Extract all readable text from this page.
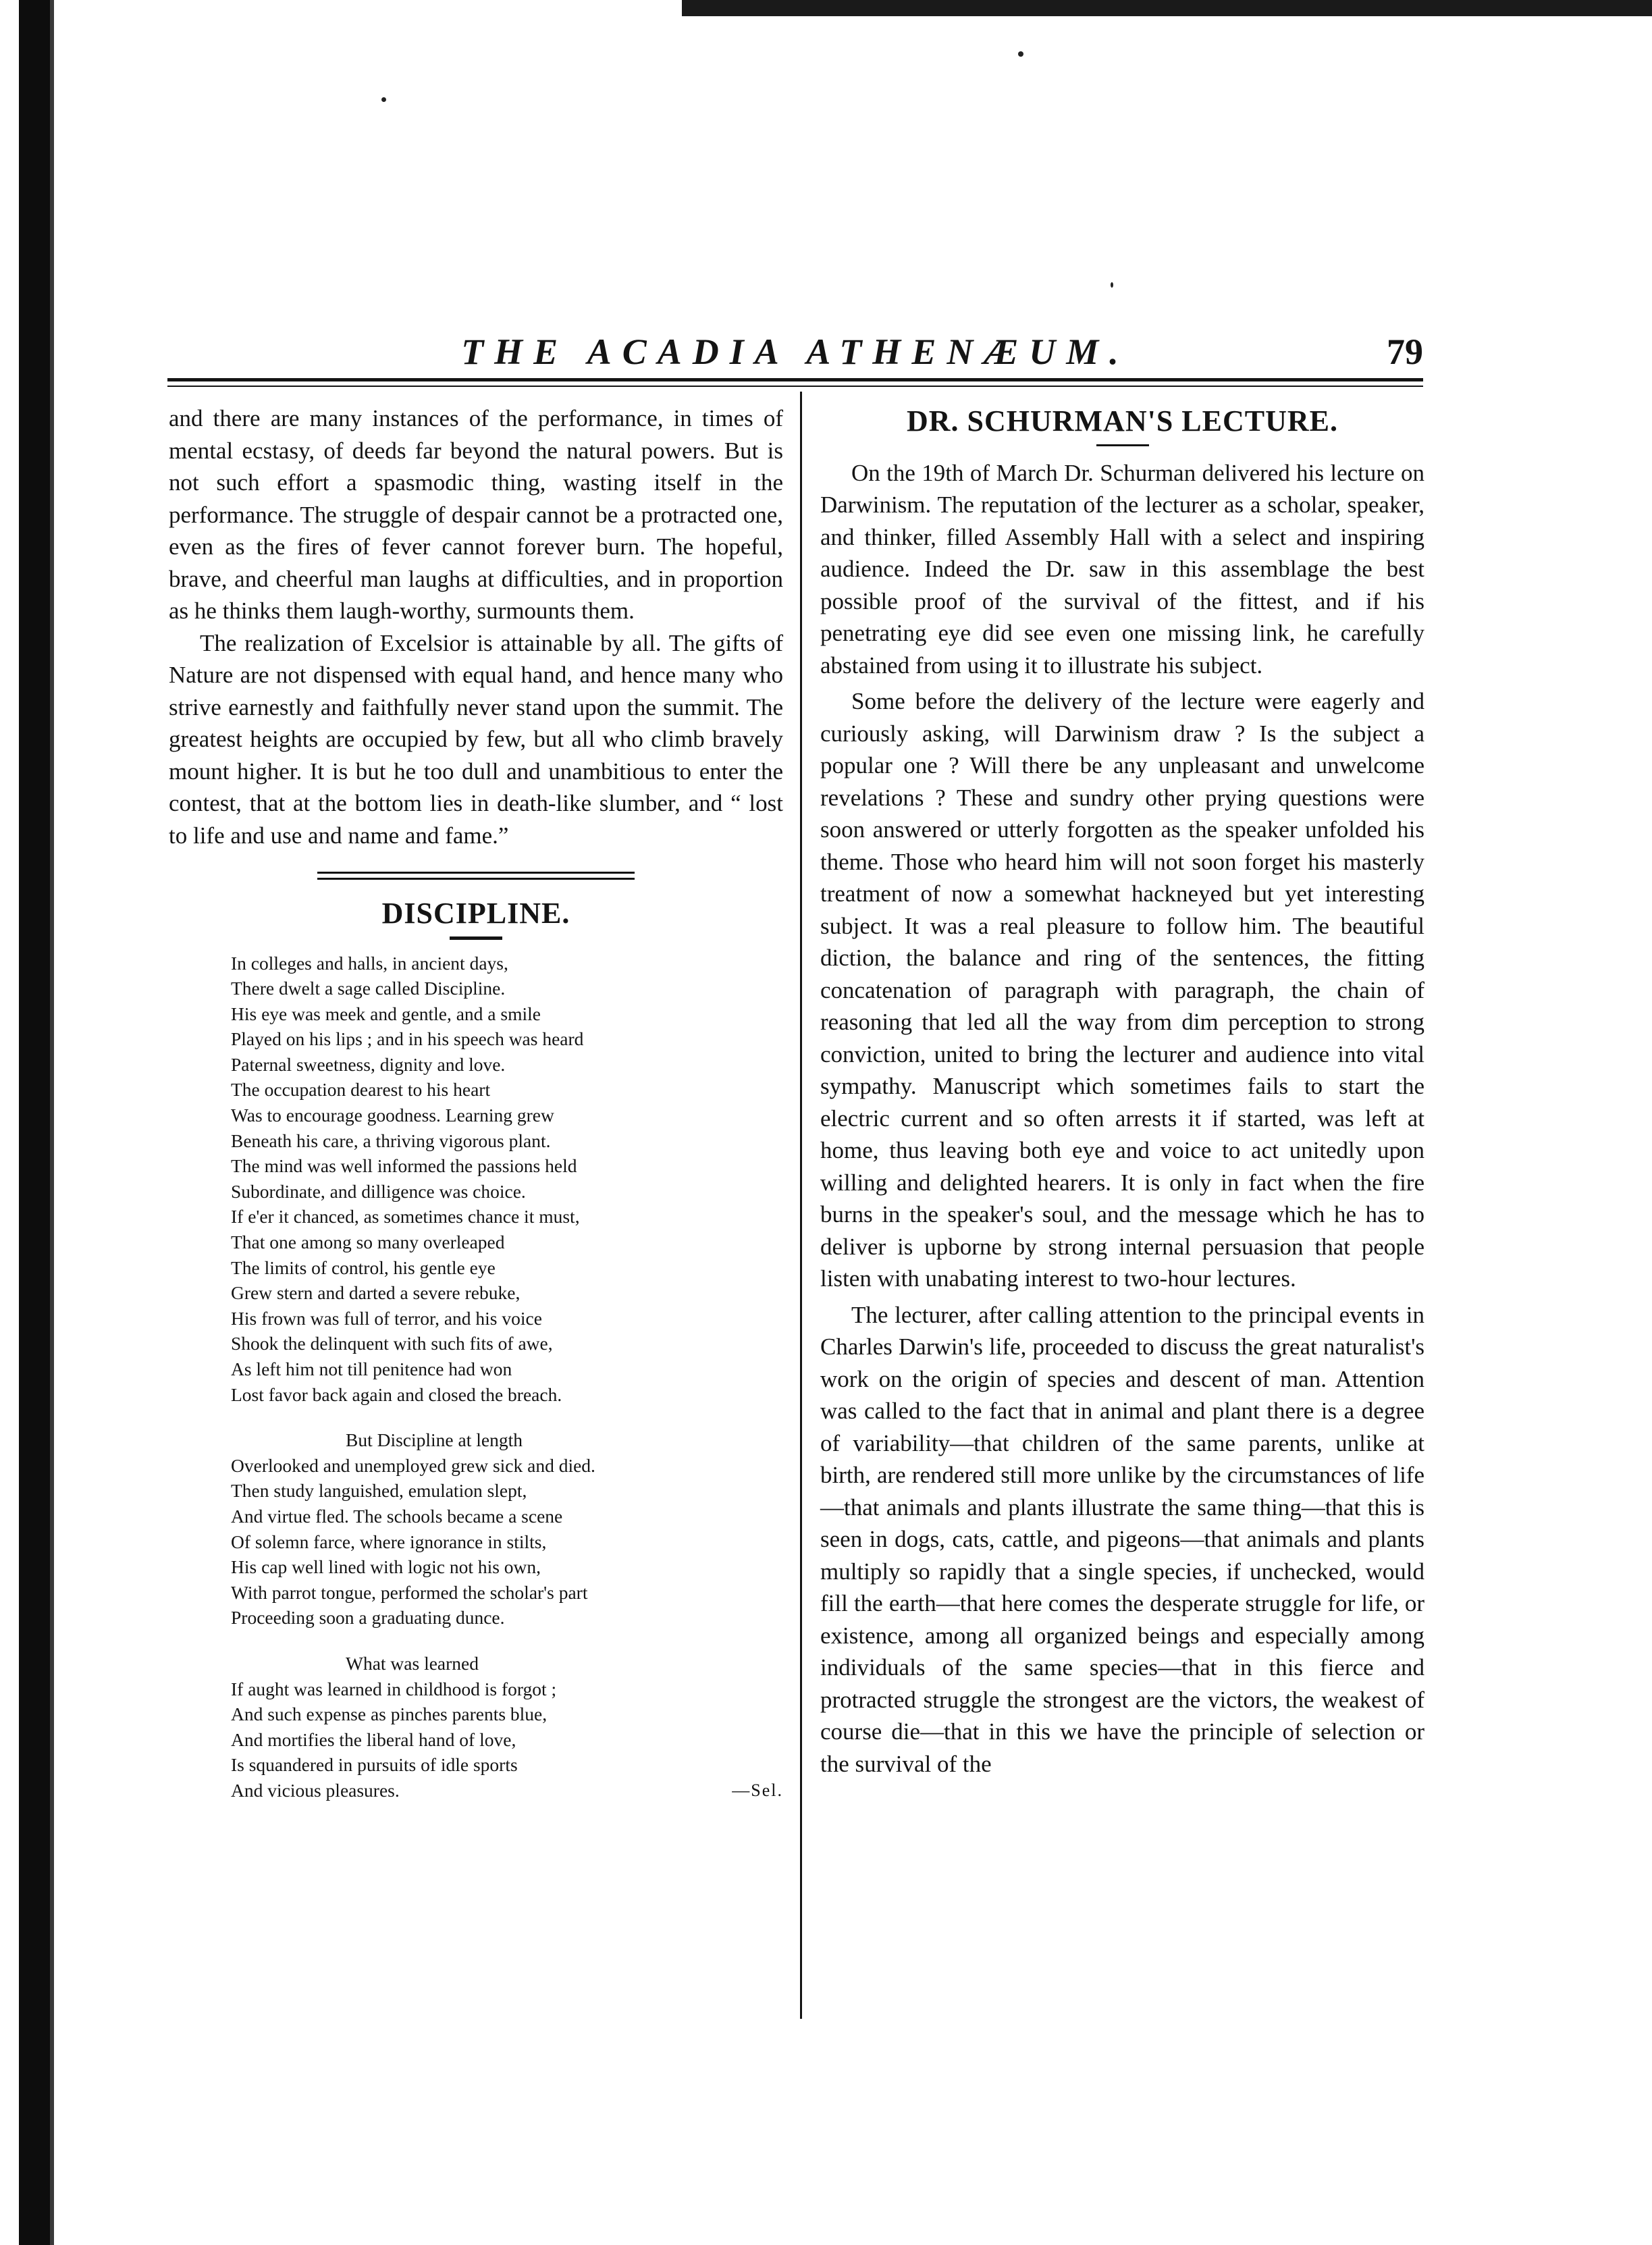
THE ACADIA ATHENÆUM.	79

and there are many instances of the performance, in times of mental ecstasy, of deeds far beyond the natural powers. But is not such effort a spasmodic thing, wasting itself in the performance. The struggle of despair cannot be a protracted one, even as the fires of fever cannot forever burn. The hopeful, brave, and cheerful man laughs at difficulties, and in proportion as he thinks them laugh-worthy, surmounts them.

The realization of Excelsior is attainable by all. The gifts of Nature are not dispensed with equal hand, and hence many who strive earnestly and faithfully never stand upon the summit. The greatest heights are occupied by few, but all who climb bravely mount higher. It is but he too dull and unambitious to enter the contest, that at the bottom lies in death-like slumber, and “ lost to life and use and name and fame.”

DISCIPLINE.
In colleges and halls, in ancient days,
There dwelt a sage called Discipline.
His eye was meek and gentle, and a smile
Played on his lips ; and in his speech was heard
Paternal sweetness, dignity and love.
The occupation dearest to his heart
Was to encourage goodness. Learning grew
Beneath his care, a thriving vigorous plant.
The mind was well informed the passions held
Subordinate, and dilligence was choice.
If e'er it chanced, as sometimes chance it must,
That one among so many overleaped
The limits of control, his gentle eye
Grew stern and darted a severe rebuke,
His frown was full of terror, and his voice
Shook the delinquent with such fits of awe,
As left him not till penitence had won
Lost favor back again and closed the breach.
But Discipline at length
Overlooked and unemployed grew sick and died.
Then study languished, emulation slept,
And virtue fled. The schools became a scene
Of solemn farce, where ignorance in stilts,
His cap well lined with logic not his own,
With parrot tongue, performed the scholar's part
Proceeding soon a graduating dunce.
What was learned
If aught was learned in childhood is forgot ;
And such expense as pinches parents blue,
And mortifies the liberal hand of love,
Is squandered in pursuits of idle sports
And vicious pleasures.	—Sel.
DR. SCHURMAN'S LECTURE.

On the 19th of March Dr. Schurman delivered his lecture on Darwinism. The reputation of the lecturer as a scholar, speaker, and thinker, filled Assembly Hall with a select and inspiring audience. Indeed the Dr. saw in this assemblage the best possible proof of the survival of the fittest, and if his penetrating eye did see even one missing link, he carefully abstained from using it to illustrate his subject.

Some before the delivery of the lecture were eagerly and curiously asking, will Darwinism draw ? Is the subject a popular one ? Will there be any unpleasant and unwelcome revelations ? These and sundry other prying questions were soon answered or utterly forgotten as the speaker unfolded his theme. Those who heard him will not soon forget his masterly treatment of now a somewhat hackneyed but yet interesting subject. It was a real pleasure to follow him. The beautiful diction, the balance and ring of the sentences, the fitting concatenation of paragraph with paragraph, the chain of reasoning that led all the way from dim perception to strong conviction, united to bring the lecturer and audience into vital sympathy. Manuscript which sometimes fails to start the electric current and so often arrests it if started, was left at home, thus leaving both eye and voice to act unitedly upon willing and delighted hearers. It is only in fact when the fire burns in the speaker's soul, and the message which he has to deliver is upborne by strong internal persuasion that people listen with unabating interest to two-hour lectures.

The lecturer, after calling attention to the principal events in Charles Darwin's life, proceeded to discuss the great naturalist's work on the origin of species and descent of man. Attention was called to the fact that in animal and plant there is a degree of variability—that children of the same parents, unlike at birth, are rendered still more unlike by the circumstances of life—that animals and plants illustrate the same thing—that this is seen in dogs, cats, cattle, and pigeons—that animals and plants multiply so rapidly that a single species, if unchecked, would fill the earth—that here comes the desperate struggle for life, or existence, among all organized beings and especially among individuals of the same species—that in this fierce and protracted struggle the strongest are the victors, the weakest of course die—that in this we have the principle of selection or the survival of the
